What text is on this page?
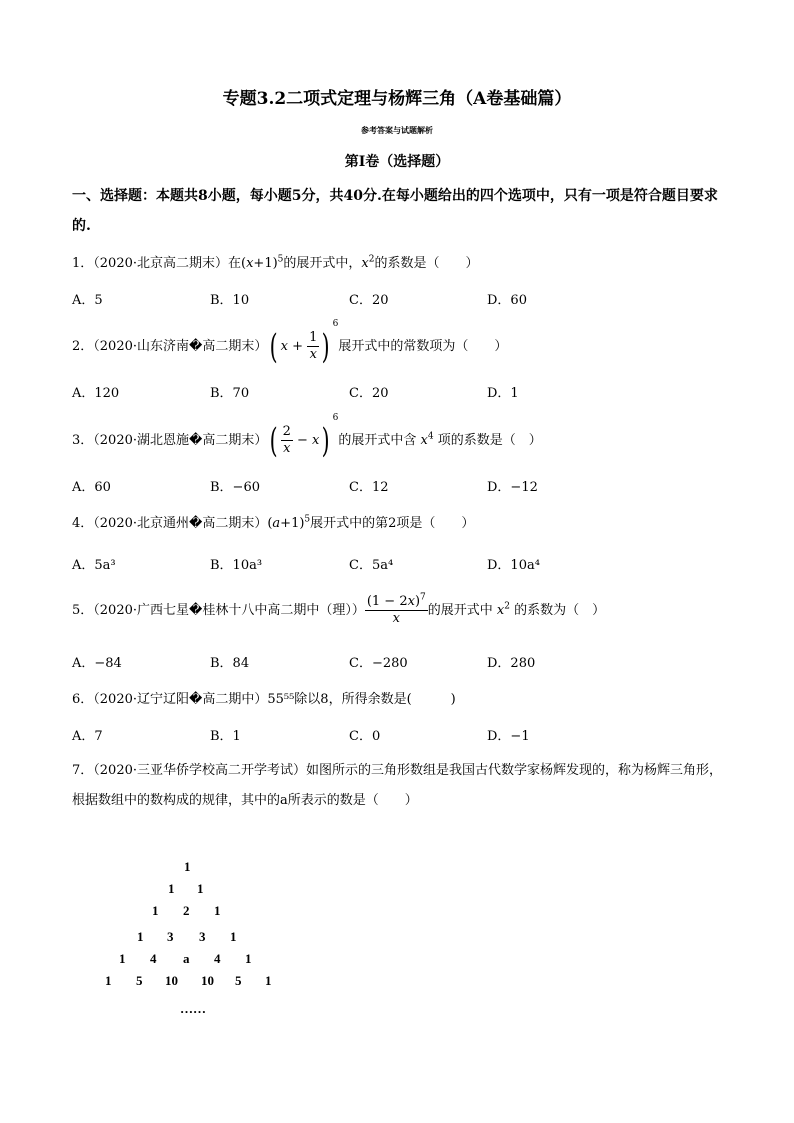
专题3.2二项式定理与杨辉三角（A卷基础篇）
参考答案与试题解析
第Ⅰ卷（选择题）
一、选择题：本题共8小题，每小题5分，共40分.在每小题给出的四个选项中，只有一项是符合题目要求的.
1．（2020·北京高二期末）在$(x+1)^5$的展开式中，$x^2$的系数是（　　）
A．5	B．10	C．20	D．60
2．（2020·山东济南�高二期末）( $x + \frac{1}{x} )^6$展开式中的常数项为（　　）
A．120	B．70	C．20	D．1
3．（2020·湖北恩施�高二期末）( $\frac{2}{x} - x)^6$的展开式中含 $x^4$ 项的系数是（　）
A．60	B．−60	C．12	D．−12
4．（2020·北京通州�高二期末）$(a+1)^5$展开式中的第2项是（　　）
A．5a³	B．10a³	C．5a⁴	D．10a⁴
5．（2020·广西七星�桂林十八中高二期中（理）） $\frac{(1 - 2x)^7}{x}$ 的展开式中 $x^2$ 的系数为（　）
A．−84	B．84	C．−280	D．280
6．（2020·辽宁辽阳�高二期中）55⁵⁵除以8，所得余数是(　　　)
A．7	B．1	C．0	D．−1
7．（2020·三亚华侨学校高二开学考试）如图所示的三角形数组是我国古代数学家杨辉发现的，称为杨辉三角形，根据数组中的数构成的规律，其中的a所表示的数是（　　）
1
1 1
1 2 1
1 3 3 1
1 4 a 4 1
1 5 10 10 5 1
……
